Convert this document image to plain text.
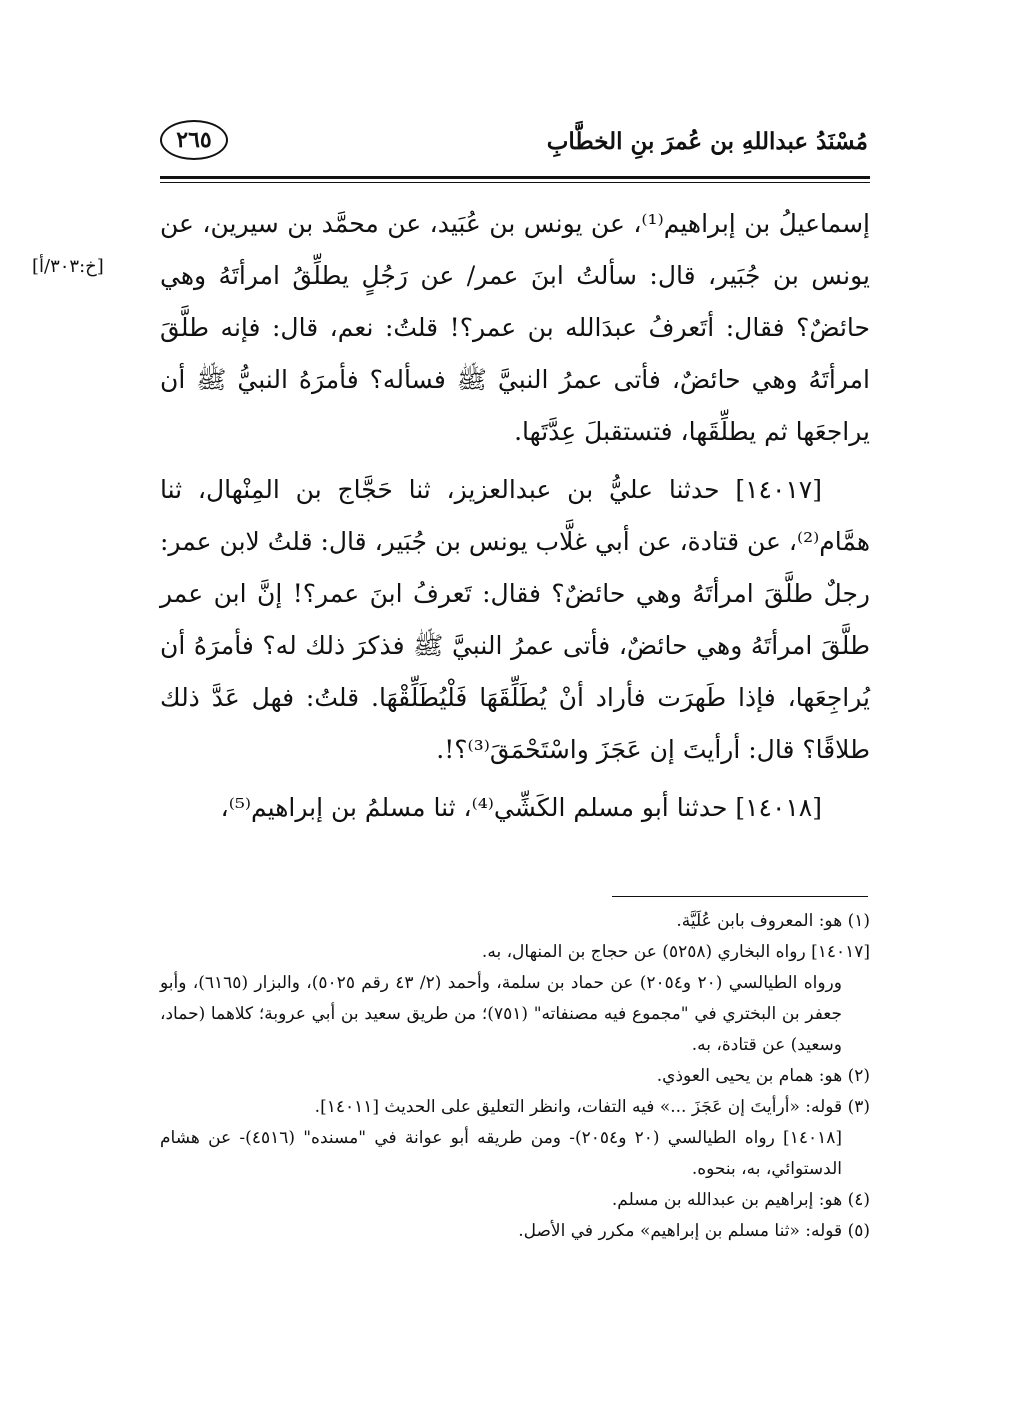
مُسْنَدُ عبداللهِ بن عُمرَ بنِ الخطَّابِ
٢٦٥
[خ:٣٠٣/أ]

إسماعيلُ بن إبراهيم⁽¹⁾، عن يونس بن عُبَيد، عن محمَّد بن سيرين، عن يونس بن جُبَير، قال: سألتُ ابنَ عمر/ عن رَجُلٍ يطلِّقُ امرأتَهُ وهي حائضٌ؟ فقال: أتَعرفُ عبدَالله بن عمر؟! قلتُ: نعم، قال: فإنه طلَّقَ امرأتَهُ وهي حائضٌ، فأتى عمرُ النبيَّ ﷺ فسأله؟ فأمرَهُ النبيُّ ﷺ أن يراجعَها ثم يطلِّقَها، فتستقبلَ عِدَّتَها.

[١٤٠١٧] حدثنا عليُّ بن عبدالعزيز، ثنا حَجَّاج بن المِنْهال، ثنا همَّام⁽²⁾، عن قتادة، عن أبي غلَّاب يونس بن جُبَير، قال: قلتُ لابن عمر: رجلٌ طلَّقَ امرأتَهُ وهي حائضٌ؟ فقال: تَعرفُ ابنَ عمر؟! إنَّ ابن عمر طلَّقَ امرأتَهُ وهي حائضٌ، فأتى عمرُ النبيَّ ﷺ فذكرَ ذلك له؟ فأمرَهُ أن يُراجِعَها، فإذا طَهرَت فأراد أنْ يُطَلِّقَهَا فَلْيُطَلِّقْهَا. قلتُ: فهل عَدَّ ذلك طلاقًا؟ قال: أرأيتَ إن عَجَزَ واسْتَحْمَقَ⁽³⁾؟!.

[١٤٠١٨] حدثنا أبو مسلم الكَشِّي⁽⁴⁾، ثنا مسلمُ بن إبراهيم⁽⁵⁾،

(١) هو: المعروف بابن عُلَيَّة.

[١٤٠١٧] رواه البخاري (٥٢٥٨) عن حجاج بن المنهال، به.

ورواه الطيالسي (٢٠ و٢٠٥٤) عن حماد بن سلمة، وأحمد (٢/ ٤٣ رقم ٥٠٢٥)، والبزار (٦١٦٥)، وأبو جعفر بن البختري في "مجموع فيه مصنفاته" (٧٥١)؛ من طريق سعيد بن أبي عروبة؛ كلاهما (حماد، وسعيد) عن قتادة، به.

(٢) هو: همام بن يحيى العوذي.

(٣) قوله: «أرأيتَ إن عَجَزَ ...» فيه التفات، وانظر التعليق على الحديث [١٤٠١١].

[١٤٠١٨] رواه الطيالسي (٢٠ و٢٠٥٤)- ومن طريقه أبو عوانة في "مسنده" (٤٥١٦)- عن هشام الدستوائي، به، بنحوه.

(٤) هو: إبراهيم بن عبدالله بن مسلم.

(٥) قوله: «ثنا مسلم بن إبراهيم» مكرر في الأصل.
